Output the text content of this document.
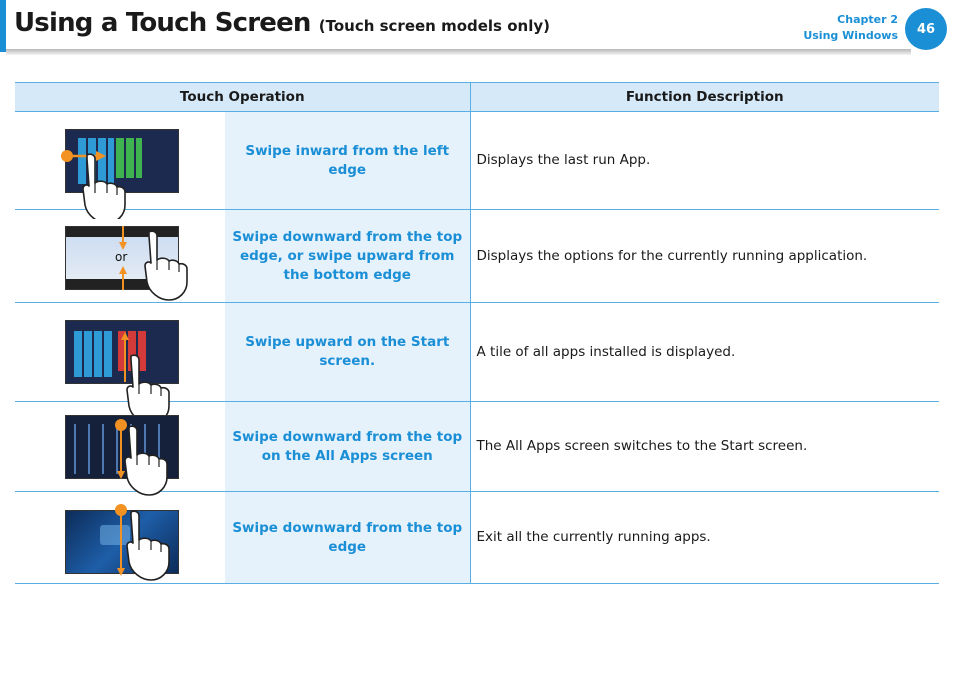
Using a Touch Screen (Touch screen models only)	Chapter 2
Using Windows	46
Touch Operation		Function Description

	Swipe inward from the left edge	Displays the last run App.

or	Swipe downward from the top edge, or swipe upward from the bottom edge	Displays the options for the currently running application.

	Swipe upward on the Start screen.	A tile of all apps installed is displayed.

	Swipe downward from the top on the All Apps screen	The All Apps screen switches to the Start screen.

	Swipe downward from the top edge	Exit all the currently running apps.
